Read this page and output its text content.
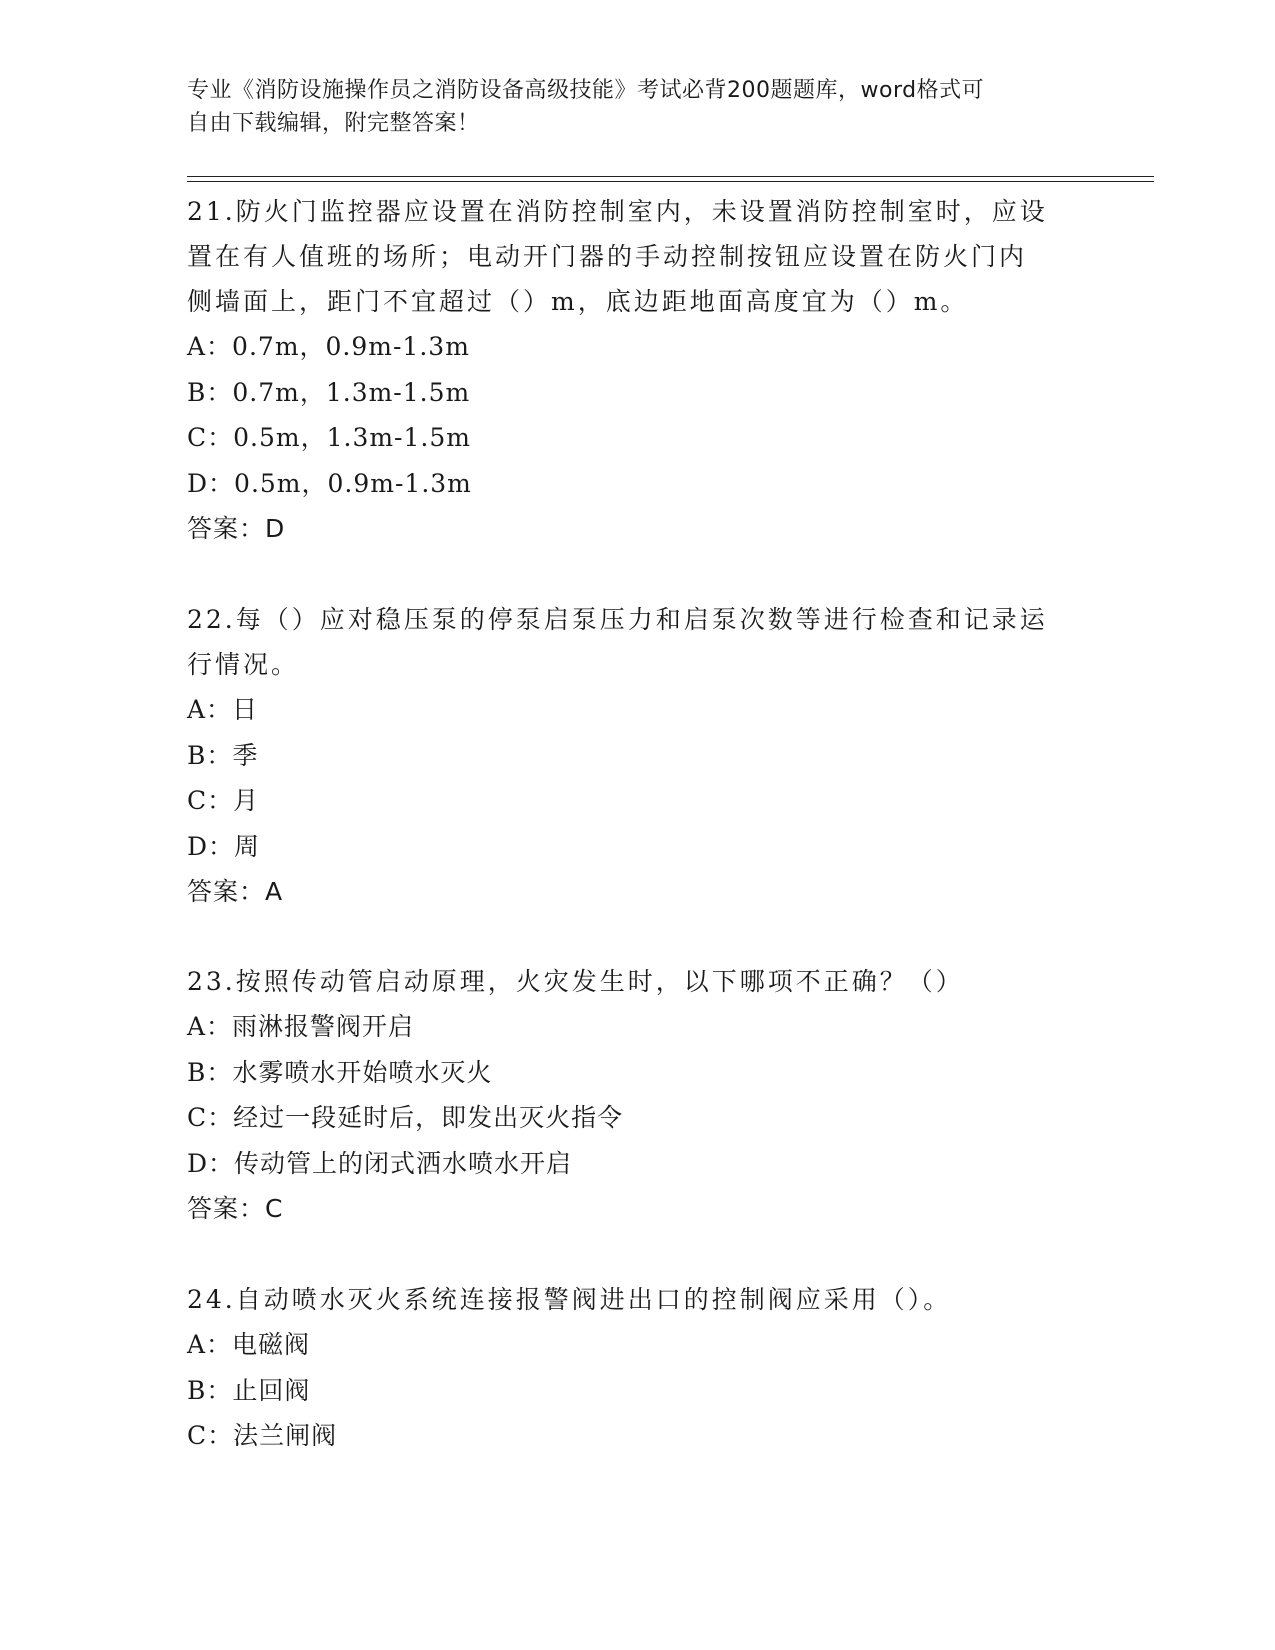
专业《消防设施操作员之消防设备高级技能》考试必背200题题库，word格式可
自由下载编辑，附完整答案！

21.防火门监控器应设置在消防控制室内，未设置消防控制室时，应设

置在有人值班的场所；电动开门器的手动控制按钮应设置在防火门内

侧墙面上，距门不宜超过（）m，底边距地面高度宜为（）m。

A：0.7m，0.9m-1.3m

B：0.7m，1.3m-1.5m

C：0.5m，1.3m-1.5m

D：0.5m，0.9m-1.3m

答案：D

22.每（）应对稳压泵的停泵启泵压力和启泵次数等进行检查和记录运

行情况。

A：日

B：季

C：月

D：周

答案：A

23.按照传动管启动原理，火灾发生时，以下哪项不正确？（）

A：雨淋报警阀开启

B：水雾喷水开始喷水灭火

C：经过一段延时后，即发出灭火指令

D：传动管上的闭式洒水喷水开启

答案：C

24.自动喷水灭火系统连接报警阀进出口的控制阀应采用（）。

A：电磁阀

B：止回阀

C：法兰闸阀
